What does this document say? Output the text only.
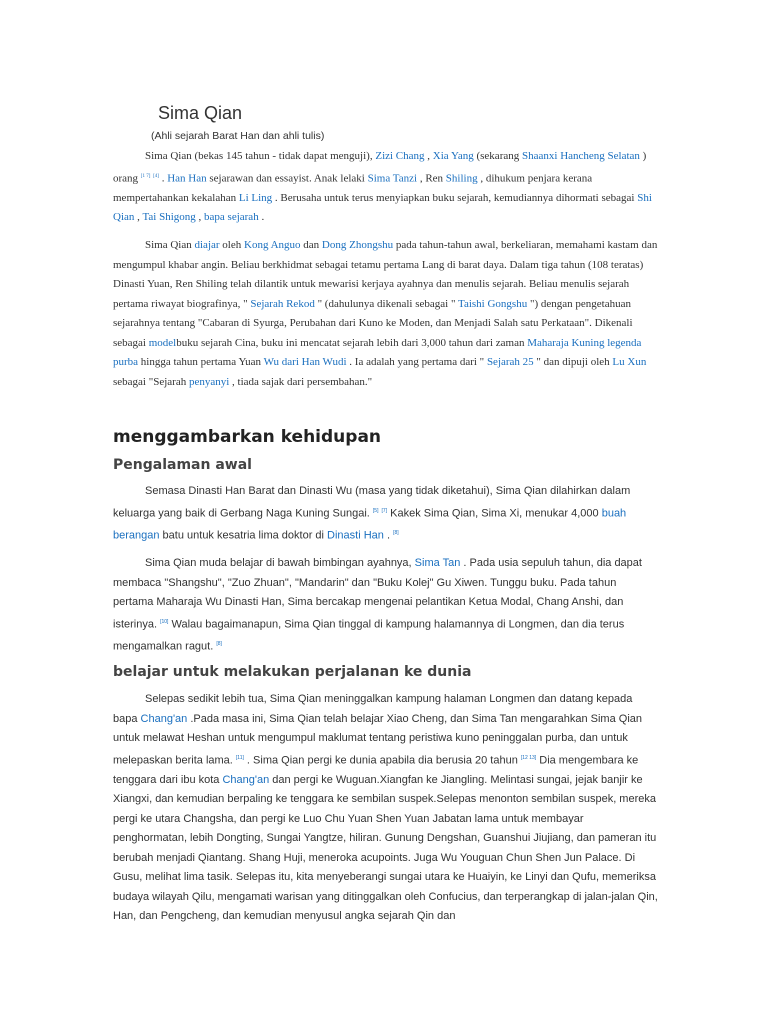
Sima Qian
(Ahli sejarah Barat Han dan ahli tulis)

Sima Qian (bekas 145 tahun - tidak dapat menguji), Zizi Chang , Xia Yang (sekarang Shaanxi Hancheng Selatan ) orang [1 7] [4] . Han Han sejarawan dan essayist. Anak lelaki Sima Tanzi , Ren Shiling , dihukum penjara kerana mempertahankan kekalahan Li Ling . Berusaha untuk terus menyiapkan buku sejarah, kemudiannya dihormati sebagai Shi Qian , Tai Shigong , bapa sejarah .

Sima Qian diajar oleh Kong Anguo dan Dong Zhongshu pada tahun-tahun awal, berkeliaran, memahami kastam dan mengumpul khabar angin. Beliau berkhidmat sebagai tetamu pertama Lang di barat daya. Dalam tiga tahun (108 teratas) Dinasti Yuan, Ren Shiling telah dilantik untuk mewarisi kerjaya ayahnya dan menulis sejarah. Beliau menulis sejarah pertama riwayat biografinya, " Sejarah Rekod " (dahulunya dikenali sebagai " Taishi Gongshu ") dengan pengetahuan sejarahnya tentang "Cabaran di Syurga, Perubahan dari Kuno ke Moden, dan Menjadi Salah satu Perkataan". Dikenali sebagai modelbuku sejarah Cina, buku ini mencatat sejarah lebih dari 3,000 tahun dari zaman Maharaja Kuning legenda purba hingga tahun pertama Yuan Wu dari Han Wudi . Ia adalah yang pertama dari " Sejarah 25 " dan dipuji oleh Lu Xun sebagai "Sejarah penyanyi , tiada sajak dari persembahan."

menggambarkan kehidupan
Pengalaman awal

Semasa Dinasti Han Barat dan Dinasti Wu (masa yang tidak diketahui), Sima Qian dilahirkan dalam keluarga yang baik di Gerbang Naga Kuning Sungai. [5] [7] Kakek Sima Qian, Sima Xi, menukar 4,000 buah berangan batu untuk kesatria lima doktor di Dinasti Han . [8]

Sima Qian muda belajar di bawah bimbingan ayahnya, Sima Tan . Pada usia sepuluh tahun, dia dapat membaca "Shangshu", "Zuo Zhuan", "Mandarin" dan "Buku Kolej" Gu Xiwen. Tunggu buku. Pada tahun pertama Maharaja Wu Dinasti Han, Sima bercakap mengenai pelantikan Ketua Modal, Chang Anshi, dan isterinya. [10] Walau bagaimanapun, Sima Qian tinggal di kampung halamannya di Longmen, dan dia terus mengamalkan ragut. [8]

belajar untuk melakukan perjalanan ke dunia

Selepas sedikit lebih tua, Sima Qian meninggalkan kampung halaman Longmen dan datang kepada bapa Chang'an .Pada masa ini, Sima Qian telah belajar Xiao Cheng, dan Sima Tan mengarahkan Sima Qian untuk melawat Heshan untuk mengumpul maklumat tentang peristiwa kuno peninggalan purba, dan untuk melepaskan berita lama. [11] . Sima Qian pergi ke dunia apabila dia berusia 20 tahun [12 13] Dia mengembara ke tenggara dari ibu kota Chang'an dan pergi ke Wuguan.Xiangfan ke Jiangling. Melintasi sungai, jejak banjir ke Xiangxi, dan kemudian berpaling ke tenggara ke sembilan suspek.Selepas menonton sembilan suspek, mereka pergi ke utara Changsha, dan pergi ke Luo Chu Yuan Shen Yuan Jabatan lama untuk membayar penghormatan, lebih Dongting, Sungai Yangtze, hiliran. Gunung Dengshan, Guanshui Jiujiang, dan pameran itu berubah menjadi Qiantang. Shang Huji, meneroka acupoints. Juga Wu Youguan Chun Shen Jun Palace. Di Gusu, melihat lima tasik. Selepas itu, kita menyeberangi sungai utara ke Huaiyin, ke Linyi dan Qufu, memeriksa budaya wilayah Qilu, mengamati warisan yang ditinggalkan oleh Confucius, dan terperangkap di jalan-jalan Qin, Han, dan Pengcheng, dan kemudian menyusul angka sejarah Qin dan
